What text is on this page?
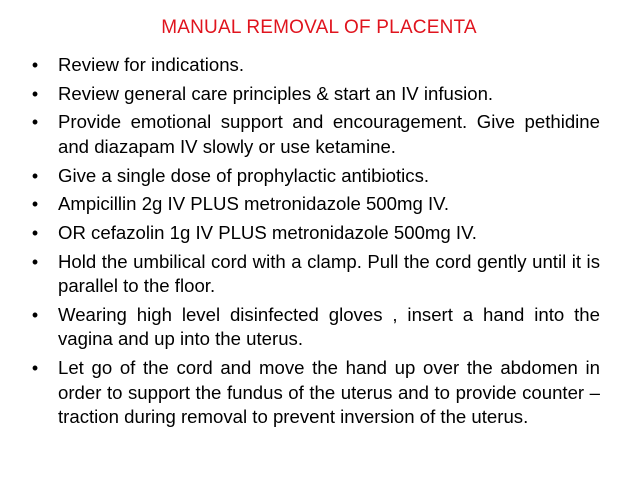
MANUAL REMOVAL OF PLACENTA
• Review for indications.
• Review general care principles & start an IV infusion.
• Provide emotional support and encouragement. Give pethidine and diazapam IV slowly or use ketamine.
• Give a single dose of prophylactic antibiotics.
• Ampicillin 2g IV PLUS metronidazole 500mg IV.
• OR cefazolin 1g IV PLUS metronidazole 500mg IV.
• Hold the umbilical cord with a clamp. Pull the cord gently until it is parallel to the floor.
• Wearing high level disinfected gloves , insert a hand into the vagina and up into the uterus.
• Let go of the cord and move the hand up over the abdomen in order to support the fundus of the uterus and to provide counter – traction during removal to prevent inversion of the uterus.
